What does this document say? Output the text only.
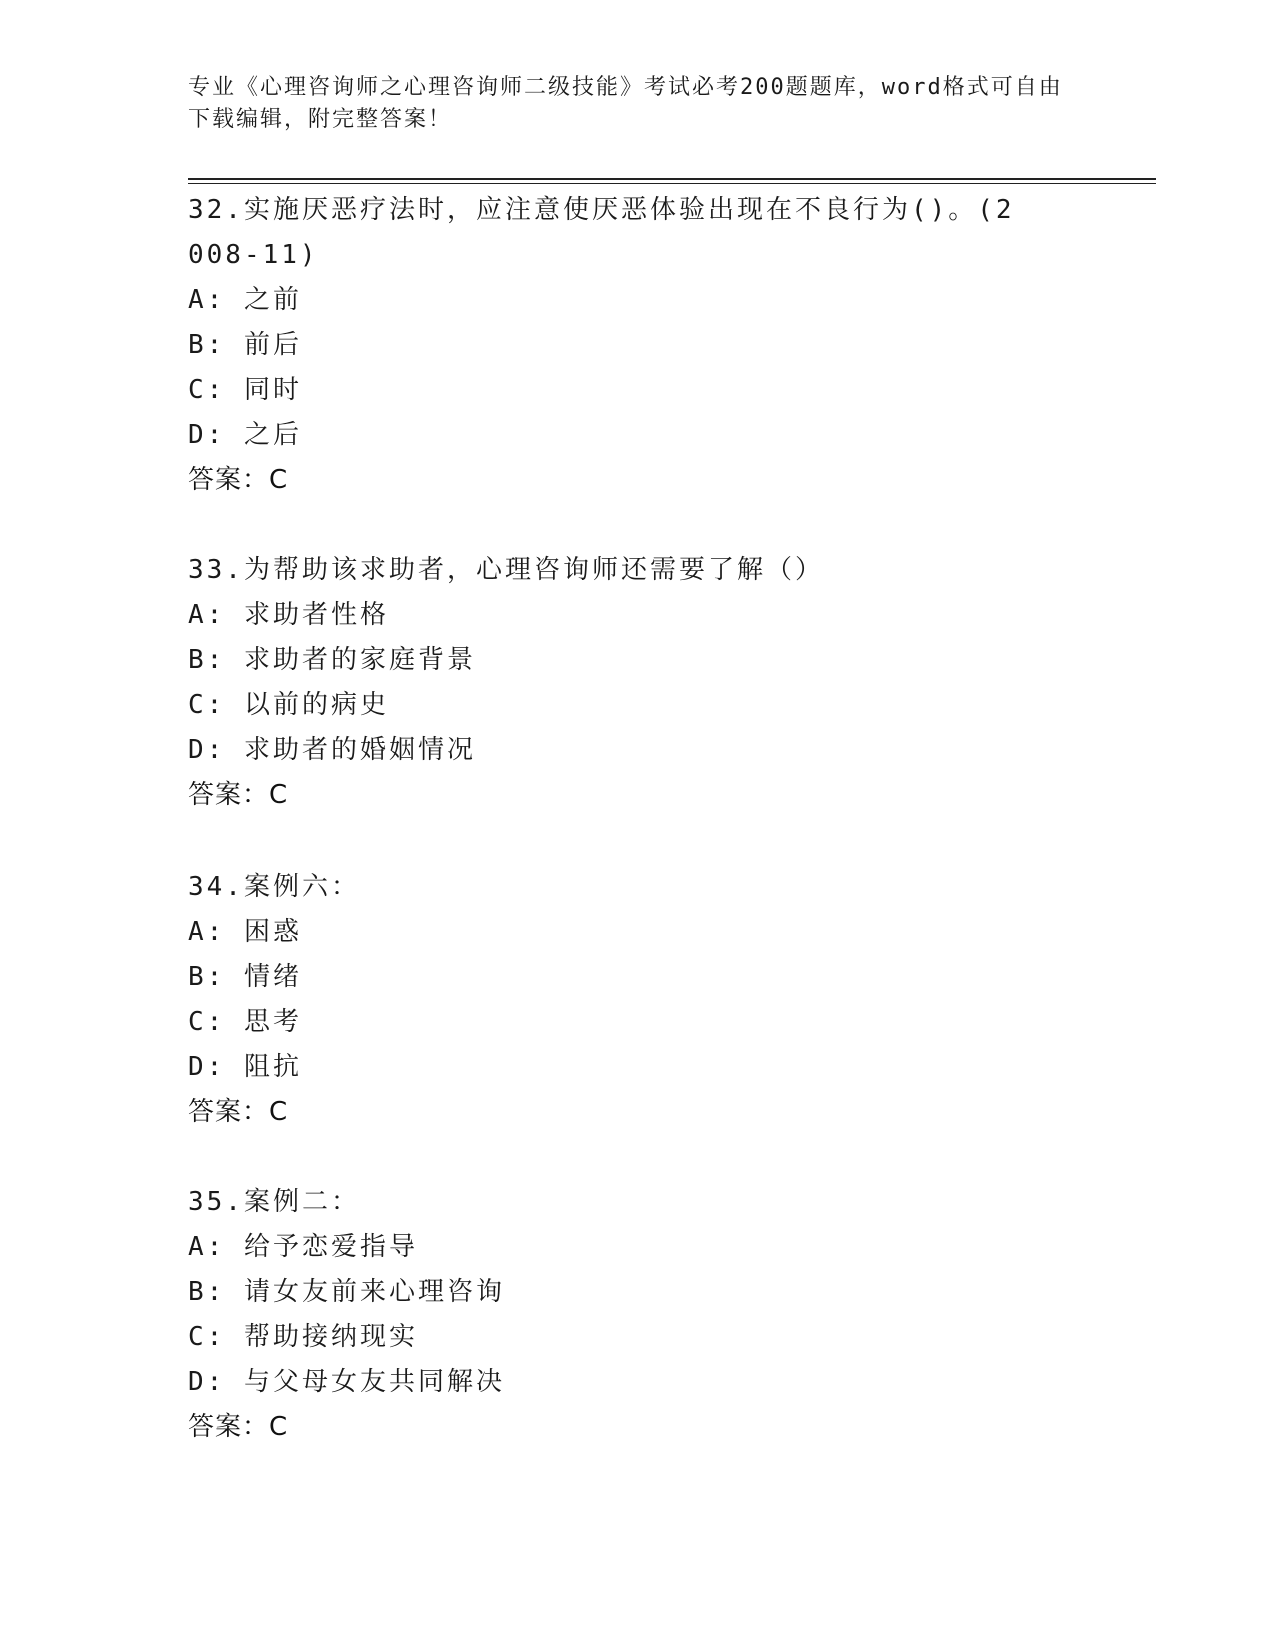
专业《心理咨询师之心理咨询师二级技能》考试必考200题题库，word格式可自由下载编辑，附完整答案！

32.实施厌恶疗法时，应注意使厌恶体验出现在不良行为()。(2008-11)

A: 之前

B: 前后

C: 同时

D: 之后

答案：C

33.为帮助该求助者，心理咨询师还需要了解（）

A: 求助者性格

B: 求助者的家庭背景

C: 以前的病史

D: 求助者的婚姻情况

答案：C

34.案例六：

A: 困惑

B: 情绪

C: 思考

D: 阻抗

答案：C

35.案例二：

A: 给予恋爱指导

B: 请女友前来心理咨询

C: 帮助接纳现实

D: 与父母女友共同解决

答案：C
